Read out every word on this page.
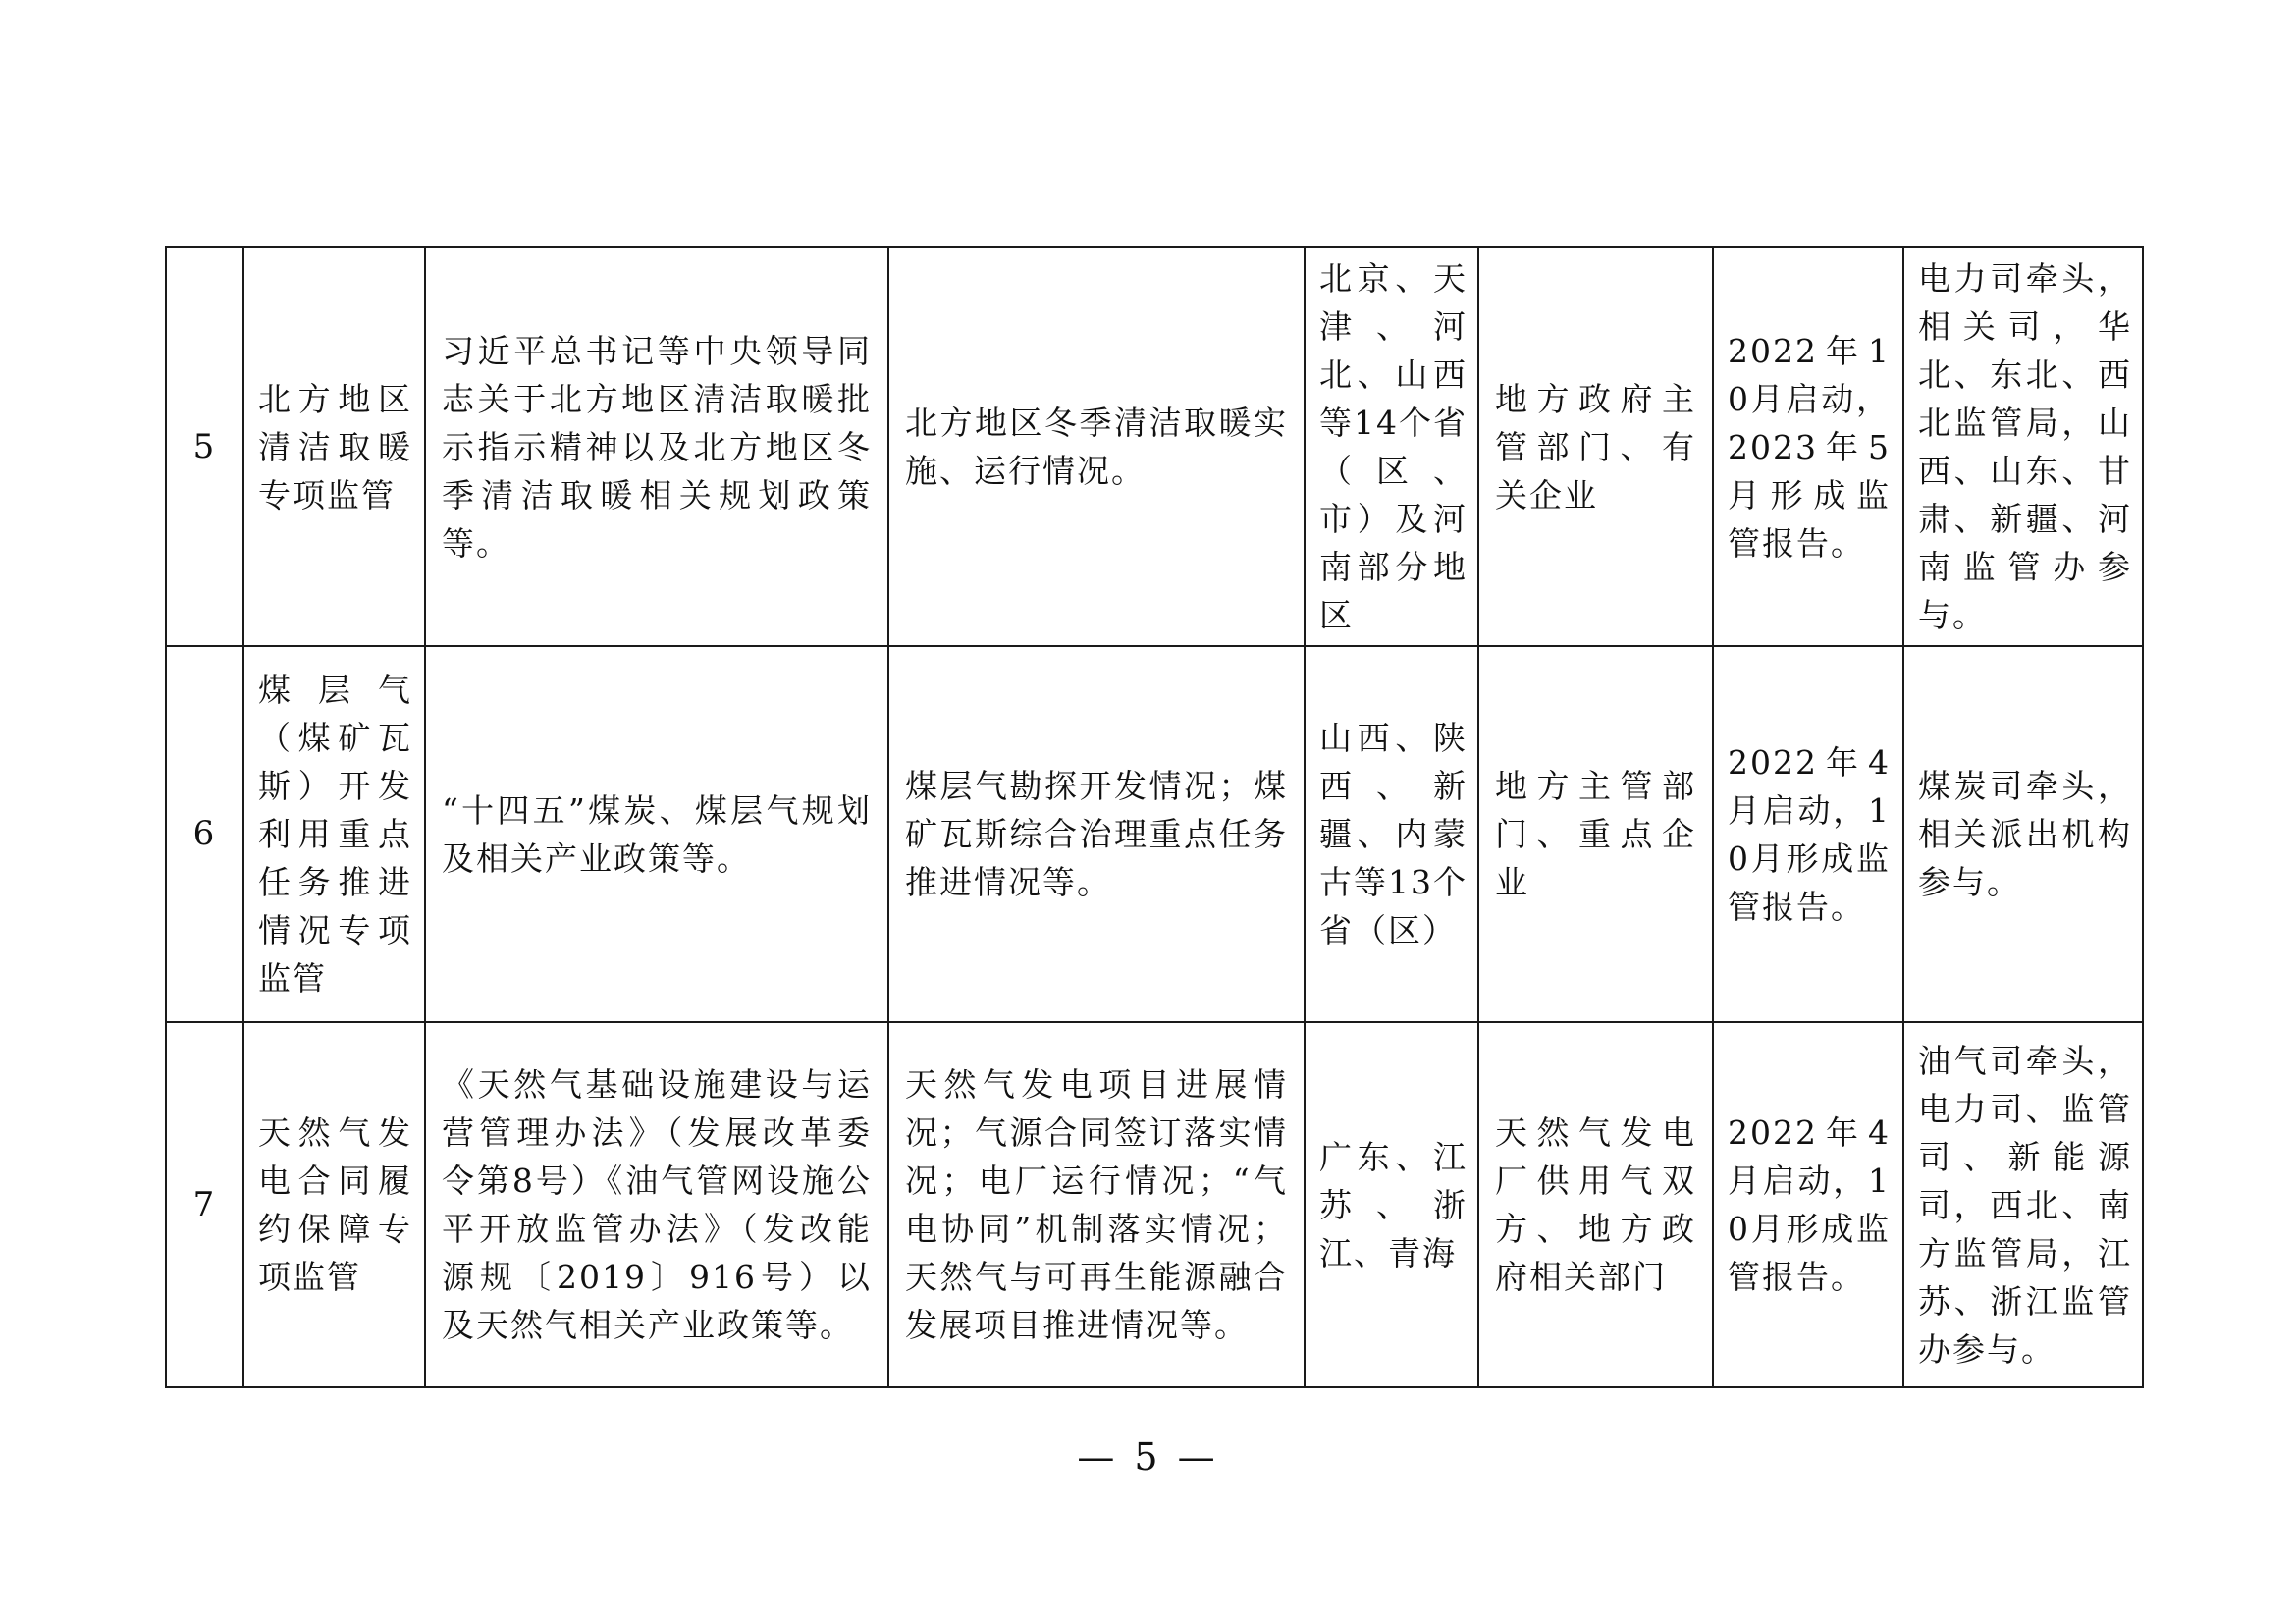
5	北方地区清洁取暖专项监管	习近平总书记等中央领导同志关于北方地区清洁取暖批示指示精神以及北方地区冬季清洁取暖相关规划政策等。	北方地区冬季清洁取暖实施、运行情况。	北京、天津、河北、山西等14个省（区、市）及河南部分地区	地方政府主管部门、有关企业	2022年10月启动，2023年5月形成监管报告。	电力司牵头，相关司，华北、东北、西北监管局，山西、山东、甘肃、新疆、河南监管办参与。
6	煤层气（煤矿瓦斯）开发利用重点任务推进情况专项监管	“十四五”煤炭、煤层气规划及相关产业政策等。	煤层气勘探开发情况；煤矿瓦斯综合治理重点任务推进情况等。	山西、陕西、新疆、内蒙古等13个省（区）	地方主管部门、重点企业	2022年4月启动，10月形成监管报告。	煤炭司牵头，相关派出机构参与。
7	天然气发电合同履约保障专项监管	《天然气基础设施建设与运营管理办法》（发展改革委令第8号）《油气管网设施公平开放监管办法》（发改能源规〔2019〕916号）以及天然气相关产业政策等。	天然气发电项目进展情况；气源合同签订落实情况；电厂运行情况；“气电协同”机制落实情况；天然气与可再生能源融合发展项目推进情况等。	广东、江苏、浙江、青海	天然气发电厂供用气双方、地方政府相关部门	2022年4月启动，10月形成监管报告。	油气司牵头，电力司、监管司、新能源司，西北、南方监管局，江苏、浙江监管办参与。
— 5 —
